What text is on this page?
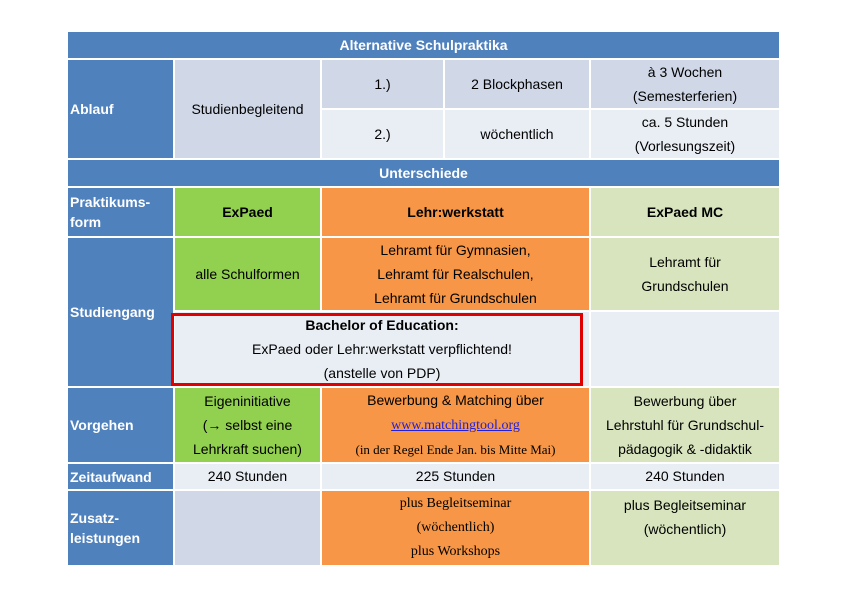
Alternative Schulpraktika				
Ablauf	Studienbegleitend	1.)	2 Blockphasen	à 3 Wochen
(Semesterferien)

		2.)	wöchentlich	ca. 5 Stunden
(Vorlesungszeit)

Unterschiede				

Praktikums-
form	ExPaed	Lehr:werkstatt		ExPaed MC
Studiengang	alle Schulformen	Lehramt für Gymnasien,
Lehramt für Realschulen,
Lehramt für Grundschulen		Lehramt für
Grundschulen

	Bachelor of Education:
ExPaed oder Lehr:werkstatt verpflichtend!
(anstelle von PDP)			

Vorgehen	Eigeninitiative
(→ selbst eine
Lehrkraft suchen)	Bewerbung & Matching über
www.matchingtool.org
(in der Regel Ende Jan. bis Mitte Mai)		Bewerbung über
Lehrstuhl für Grundschul-
pädagogik & -didaktik

Zeitaufwand	240 Stunden	225 Stunden		240 Stunden

Zusatz-
leistungen		plus Begleitseminar
(wöchentlich)
plus Workshops		plus Begleitseminar
(wöchentlich)
